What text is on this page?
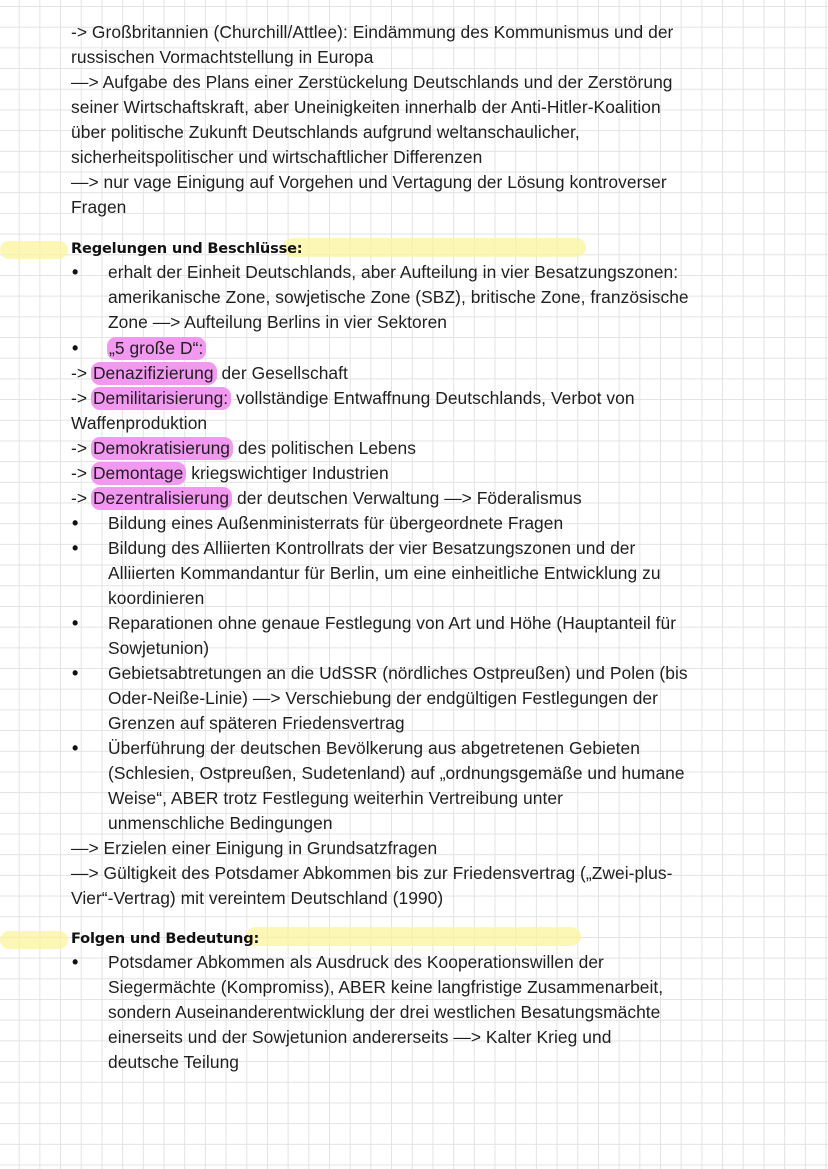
-> Großbritannien (Churchill/Attlee): Eindämmung des Kommunismus und der
russischen Vormachtstellung in Europa
—> Aufgabe des Plans einer Zerstückelung Deutschlands und der Zerstörung
seiner Wirtschaftskraft, aber Uneinigkeiten innerhalb der Anti-Hitler-Koalition
über politische Zukunft Deutschlands aufgrund weltanschaulicher,
sicherheitspolitischer und wirtschaftlicher Differenzen
—> nur vage Einigung auf Vorgehen und Vertagung der Lösung kontroverser
Fragen
Regelungen und Beschlüsse:
• erhalt der Einheit Deutschlands, aber Aufteilung in vier Besatzungszonen:
amerikanische Zone, sowjetische Zone (SBZ), britische Zone, französische
Zone —> Aufteilung Berlins in vier Sektoren
• „5 große D“:
-> Denazifizierung der Gesellschaft
-> Demilitarisierung: vollständige Entwaffnung Deutschlands, Verbot von
Waffenproduktion
-> Demokratisierung des politischen Lebens
-> Demontage kriegswichtiger Industrien
-> Dezentralisierung der deutschen Verwaltung —> Föderalismus
• Bildung eines Außenministerrats für übergeordnete Fragen
• Bildung des Alliierten Kontrollrats der vier Besatzungszonen und der
Alliierten Kommandantur für Berlin, um eine einheitliche Entwicklung zu
koordinieren
• Reparationen ohne genaue Festlegung von Art und Höhe (Hauptanteil für
Sowjetunion)
• Gebietsabtretungen an die UdSSR (nördliches Ostpreußen) und Polen (bis
Oder-Neiße-Linie) —> Verschiebung der endgültigen Festlegungen der
Grenzen auf späteren Friedensvertrag
• Überführung der deutschen Bevölkerung aus abgetretenen Gebieten
(Schlesien, Ostpreußen, Sudetenland) auf „ordnungsgemäße und humane
Weise“, ABER trotz Festlegung weiterhin Vertreibung unter
unmenschliche Bedingungen
—> Erzielen einer Einigung in Grundsatzfragen
—> Gültigkeit des Potsdamer Abkommen bis zur Friedensvertrag („Zwei-plus-
Vier“-Vertrag) mit vereintem Deutschland (1990)
Folgen und Bedeutung:
• Potsdamer Abkommen als Ausdruck des Kooperationswillen der
Siegermächte (Kompromiss), ABER keine langfristige Zusammenarbeit,
sondern Auseinanderentwicklung der drei westlichen Besatungsmächte
einerseits und der Sowjetunion andererseits —> Kalter Krieg und
deutsche Teilung
